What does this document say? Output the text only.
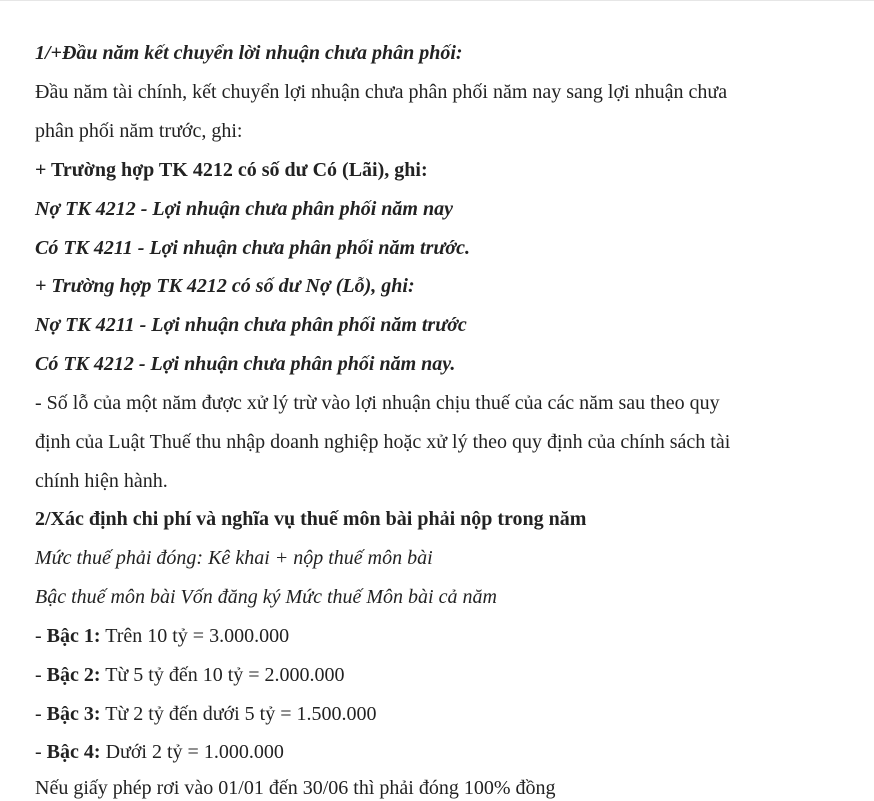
1/+Đầu năm kết chuyển lời nhuận chưa phân phối:
Đầu năm tài chính, kết chuyển lợi nhuận chưa phân phối năm nay sang lợi nhuận chưa
phân phối năm trước, ghi:
+ Trường hợp TK 4212 có số dư Có (Lãi), ghi:
Nợ TK 4212 - Lợi nhuận chưa phân phối năm nay
Có TK 4211 - Lợi nhuận chưa phân phối năm trước.
+ Trường hợp TK 4212 có số dư Nợ (Lỗ), ghi:
Nợ TK 4211 - Lợi nhuận chưa phân phối năm trước
Có TK 4212 - Lợi nhuận chưa phân phối năm nay.
- Số lỗ của một năm được xử lý trừ vào lợi nhuận chịu thuế của các năm sau theo quy
định của Luật Thuế thu nhập doanh nghiệp hoặc xử lý theo quy định của chính sách tài
chính hiện hành.
2/Xác định chi phí và nghĩa vụ thuế môn bài phải nộp trong năm
Mức thuế phải đóng: Kê khai + nộp thuế môn bài
Bậc thuế môn bài Vốn đăng ký Mức thuế Môn bài cả năm
- Bậc 1: Trên 10 tỷ = 3.000.000
- Bậc 2: Từ 5 tỷ đến 10 tỷ = 2.000.000
- Bậc 3: Từ 2 tỷ đến dưới 5 tỷ = 1.500.000
- Bậc 4: Dưới 2 tỷ = 1.000.000
Nếu giấy phép rơi vào 01/01 đến 30/06 thì phải đóng 100% đồng
